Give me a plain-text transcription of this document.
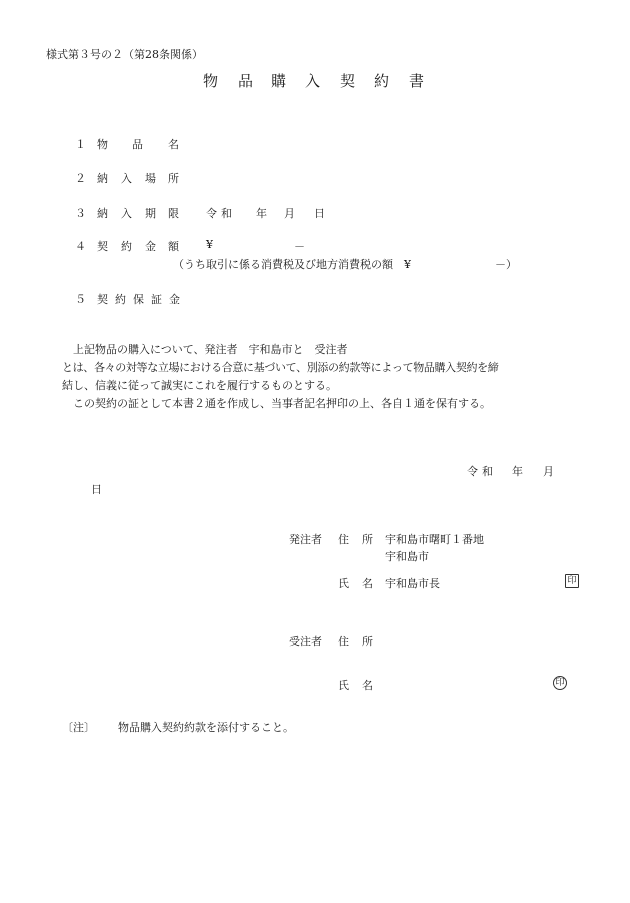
様式第３号の２（第28条関係）
物 品 購 入 契 約 書
１ 物 品 名
２ 納 入 場 所
３ 納 入 期 限 令和 年 月 日
４ 契 約 金 額 ¥	－
（うち取引に係る消費税及び地方消費税の額　¥	－）
５ 契 約 保 証 金
上記物品の購入について、発注者　宇和島市と　受注者
とは、各々の対等な立場における合意に基づいて、別添の約款等によって物品購入契約を締
結し、信義に従って誠実にこれを履行するものとする。
この契約の証として本書２通を作成し、当事者記名押印の上、各自１通を保有する。
令和 年 月
日
発注者 住 所 宇和島市曙町１番地
宇和島市
氏 名 宇和島市長	印
受注者 住 所
氏 名	印
〔注〕 物品購入契約約款を添付すること。
